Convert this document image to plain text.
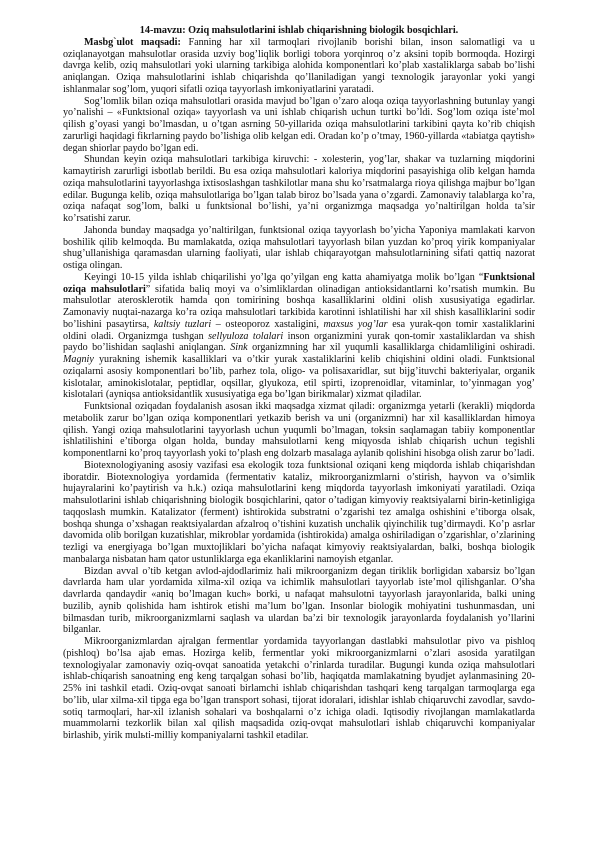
14-mavzu: Oziq mahsulotlarini ishlab chiqarishning biologik bosqichlari.

Masbg`ulot maqsadi: Fanning har xil tarmoqlari rivojlanib borishi bilan, inson salomatligi va u oziqlanayotgan mahsulotlar orasida uzviy bog’liqlik borligi tobora yorqinroq o’z aksini topib bormoqda. Hozirgi davrga kelib, oziq mahsulotlari yoki ularning tarkibiga alohida komponentlari ko’plab xastaliklarga sabab bo’lishi aniqlangan. Oziqa mahsulotlarini ishlab chiqarishda qo’llaniladigan yangi texnologik jarayonlar yoki yangi ishlanmalar sog’lom, yuqori sifatli oziqa tayyorlash imkoniyatlarini yaratadi.

Sog’lomlik bilan oziqa mahsulotlari orasida mavjud bo’lgan o’zaro aloqa oziqa tayyorlashning butunlay yangi yo’nalishi – «Funktsional oziqa» tayyorlash va uni ishlab chiqarish uchun turtki bo’ldi. Sog’lom oziqa iste’mol qilish g’oyasi yangi bo’lmasdan, u o’tgan asrning 50-yillarida oziqa mahsulotlarini tarkibini qayta ko’rib chiqish zarurligi haqidagi fikrlarning paydo bo’lishiga olib kelgan edi. Oradan ko’p o’tmay, 1960-yillarda «tabiatga qaytish» degan shiorlar paydo bo’lgan edi.

Shundan keyin oziqa mahsulotlari tarkibiga kiruvchi: - xolesterin, yog’lar, shakar va tuzlarning miqdorini kamaytirish zarurligi isbotlab berildi. Bu esa oziqa mahsulotlari kaloriya miqdorini pasayishiga olib kelgan hamda oziqa mahsulotlarini tayyorlashga ixtisoslashgan tashkilotlar mana shu ko’rsatmalarga rioya qilishga majbur bo’lgan edilar. Bugunga kelib, oziqa mahsulotlariga bo’lgan talab biroz bo’lsada yana o’zgardi. Zamonaviy talablarga ko’ra, oziqa nafaqat sog’lom, balki u funktsional bo’lishi, ya’ni organizmga maqsadga yo’naltirilgan holda ta’sir ko’rsatishi zarur.

Jahonda bunday maqsadga yo’naltirilgan, funktsional oziqa tayyorlash bo’yicha Yaponiya mamlakati karvon boshilik qilib kelmoqda. Bu mamlakatda, oziqa mahsulotlari tayyorlash bilan yuzdan ko’proq yirik kompaniyalar shug’ullanishiga qaramasdan ularning faoliyati, ular ishlab chiqarayotgan mahsulotlarnining sifati qattiq nazorat ostiga olingan.

Keyingi 10-15 yilda ishlab chiqarilishi yo’lga qo’yilgan eng katta ahamiyatga molik bo’lgan “Funktsional oziqa mahsulotlari” sifatida baliq moyi va o’simliklardan olinadigan antioksidantlarni ko’rsatish mumkin. Bu mahsulotlar aterosklerotik hamda qon tomirining boshqa kasalliklarini oldini olish xususiyatiga egadirlar. Zamonaviy nuqtai-nazarga ko’ra oziqa mahsulotlari tarkibida karotinni ishlatilishi har xil shish kasalliklarini sodir bo’lishini pasaytirsa, kaltsiy tuzlari – osteoporoz xastaligini, maxsus yog’lar esa yurak-qon tomir xastaliklarini oldini oladi. Organizmga tushgan sellyuloza tolalari inson organizmini yurak qon-tomir xastaliklardan va shish paydo bo’lishidan saqlashi aniqlangan. Sink organizmning har xil yuqumli kasalliklarga chidamliligini oshiradi. Magniy yurakning ishemik kasalliklari va o’tkir yurak xastaliklarini kelib chiqishini oldini oladi. Funktsional oziqalarni asosiy komponentlari bo’lib, parhez tola, oligo- va polisaxaridlar, sut bijg’ituvchi bakteriyalar, organik kislotalar, aminokislotalar, peptidlar, oqsillar, glyukoza, etil spirti, izoprenoidlar, vitaminlar, to’yinmagan yog’ kislotalari (ayniqsa antioksidantlik xususiyatiga ega bo’lgan birikmalar) xizmat qiladilar.

Funktsional oziqadan foydalanish asosan ikki maqsadga xizmat qiladi: organizmga yetarli (kerakli) miqdorda metabolik zarur bo’lgan oziqa komponentlari yetkazib berish va uni (organizmni) har xil kasalliklardan himoya qilish. Yangi oziqa mahsulotlarini tayyorlash uchun yuqumli bo’lmagan, toksin saqlamagan tabiiy komponentlar ishlatilishini e’tiborga olgan holda, bunday mahsulotlarni keng miqyosda ishlab chiqarish uchun tegishli komponentlarni ko’proq tayyorlash yoki to’plash eng dolzarb masalaga aylanib qolishini hisobga olish zarur bo’ladi.

Biotexnologiyaning asosiy vazifasi esa ekologik toza funktsional oziqani keng miqdorda ishlab chiqarishdan iboratdir. Biotexnologiya yordamida (fermentativ kataliz, mikroorganizmlarni o’stirish, hayvon va o’simlik hujayralarini ko’paytirish va h.k.) oziqa mahsulotlarini keng miqdorda tayyorlash imkoniyati yaratiladi. Oziqa mahsulotlarini ishlab chiqarishning biologik bosqichlarini, qator o’tadigan kimyoviy reaktsiyalarni birin-ketinligiga taqqoslash mumkin. Katalizator (ferment) ishtirokida substratni o’zgarishi tez amalga oshishini e’tiborga olsak, boshqa shunga o’xshagan reaktsiyalardan afzalroq o’tishini kuzatish unchalik qiyinchilik tug’dirmaydi. Ko’p asrlar davomida olib borilgan kuzatishlar, mikroblar yordamida (ishtirokida) amalga oshiriladigan o’zgarishlar, o’zlarining tezligi va energiyaga bo’lgan muxtojliklari bo’yicha nafaqat kimyoviy reaktsiyalardan, balki, boshqa biologik manbalarga nisbatan ham qator ustunliklarga ega ekanliklarini namoyish etganlar.

Bizdan avval o’tib ketgan avlod-ajdodlarimiz hali mikroorganizm degan tiriklik borligidan xabarsiz bo’lgan davrlarda ham ular yordamida xilma-xil oziqa va ichimlik mahsulotlari tayyorlab iste’mol qilishganlar. O’sha davrlarda qandaydir «aniq bo’lmagan kuch» borki, u nafaqat mahsulotni tayyorlash jarayonlarida, balki uning buzilib, aynib qolishida ham ishtirok etishi ma’lum bo’lgan. Insonlar biologik mohiyatini tushunmasdan, uni bilmasdan turib, mikroorganizmlarni saqlash va ulardan ba’zi bir texnologik jarayonlarda foydalanish yo’llarini bilganlar.

Mikroorganizmlardan ajralgan fermentlar yordamida tayyorlangan dastlabki mahsulotlar pivo va pishloq (pishloq) bo’lsa ajab emas. Hozirga kelib, fermentlar yoki mikroorganizmlarni o’zlari asosida yaratilgan texnologiyalar zamonaviy oziq-ovqat sanoatida yetakchi o’rinlarda turadilar. Bugungi kunda oziqa mahsulotlari ishlab-chiqarish sanoatning eng keng tarqalgan sohasi bo’lib, haqiqatda mamlakatning byudjet aylanmasining 20-25% ini tashkil etadi. Oziq-ovqat sanoati birlamchi ishlab chiqarishdan tashqari keng tarqalgan tarmoqlarga ega bo’lib, ular xilma-xil tipga ega bo’lgan transport sohasi, tijorat idoralari, idishlar ishlab chiqaruvchi zavodlar, savdo-sotiq tarmoqlari, har-xil izlanish sohalari va boshqalarni o’z ichiga oladi. Iqtisodiy rivojlangan mamlakatlarda muammolarni tezkorlik bilan xal qilish maqsadida oziq-ovqat mahsulotlari ishlab chiqaruvchi kompaniyalar birlashib, yirik mulьti-milliy kompaniyalarni tashkil etadilar.
